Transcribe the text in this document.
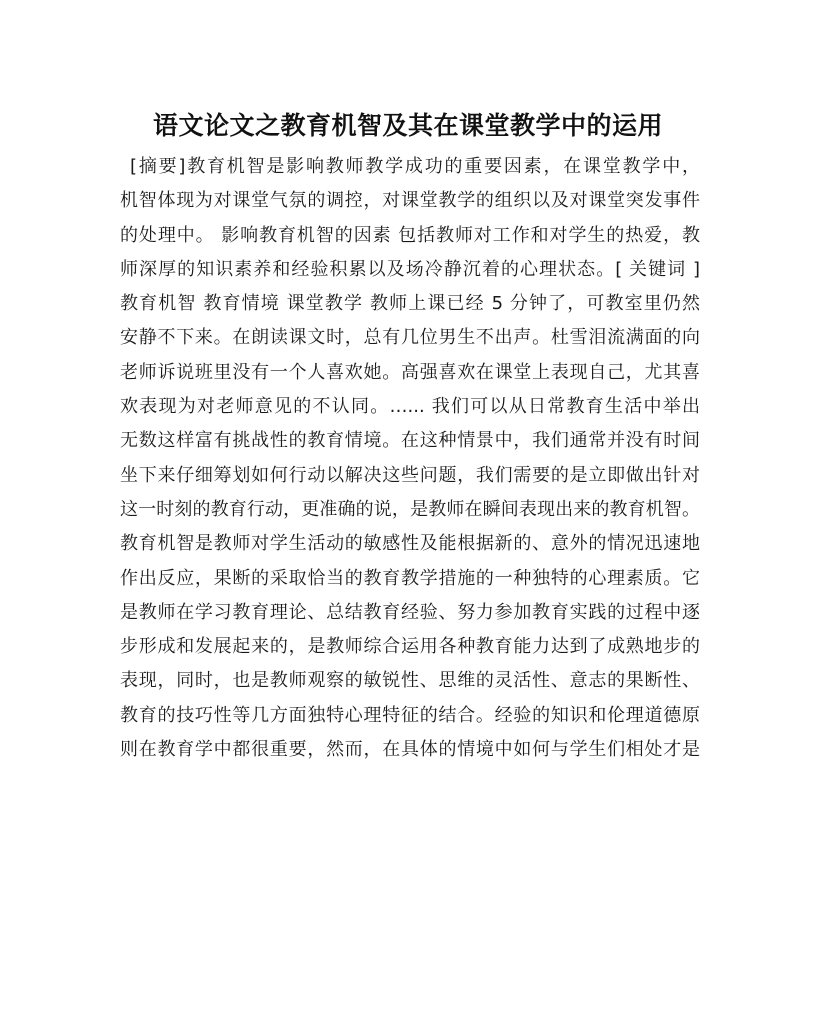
语文论文之教育机智及其在课堂教学中的运用
[摘要]教育机智是影响教师教学成功的重要因素，在课堂教学中，
机智体现为对课堂气氛的调控，对课堂教学的组织以及对课堂突发事件
的处理中。 影响教育机智的因素 包括教师对工作和对学生的热爱，教
师深厚的知识素养和经验积累以及场冷静沉着的心理状态。[ 关键词 ]
教育机智 教育情境 课堂教学 教师上课已经 5 分钟了，可教室里仍然
安静不下来。在朗读课文时，总有几位男生不出声。杜雪泪流满面的向
老师诉说班里没有一个人喜欢她。高强喜欢在课堂上表现自己，尤其喜
欢表现为对老师意见的不认同。…... 我们可以从日常教育生活中举出
无数这样富有挑战性的教育情境。在这种情景中，我们通常并没有时间
坐下来仔细筹划如何行动以解决这些问题，我们需要的是立即做出针对
这一时刻的教育行动，更准确的说，是教师在瞬间表现出来的教育机智。
教育机智是教师对学生活动的敏感性及能根据新的、意外的情况迅速地
作出反应，果断的采取恰当的教育教学措施的一种独特的心理素质。它
是教师在学习教育理论、总结教育经验、努力参加教育实践的过程中逐
步形成和发展起来的，是教师综合运用各种教育能力达到了成熟地步的
表现，同时，也是教师观察的敏锐性、思维的灵活性、意志的果断性、
教育的技巧性等几方面独特心理特征的结合。经验的知识和伦理道德原
则在教育学中都很重要，然而，在具体的情境中如何与学生们相处才是
